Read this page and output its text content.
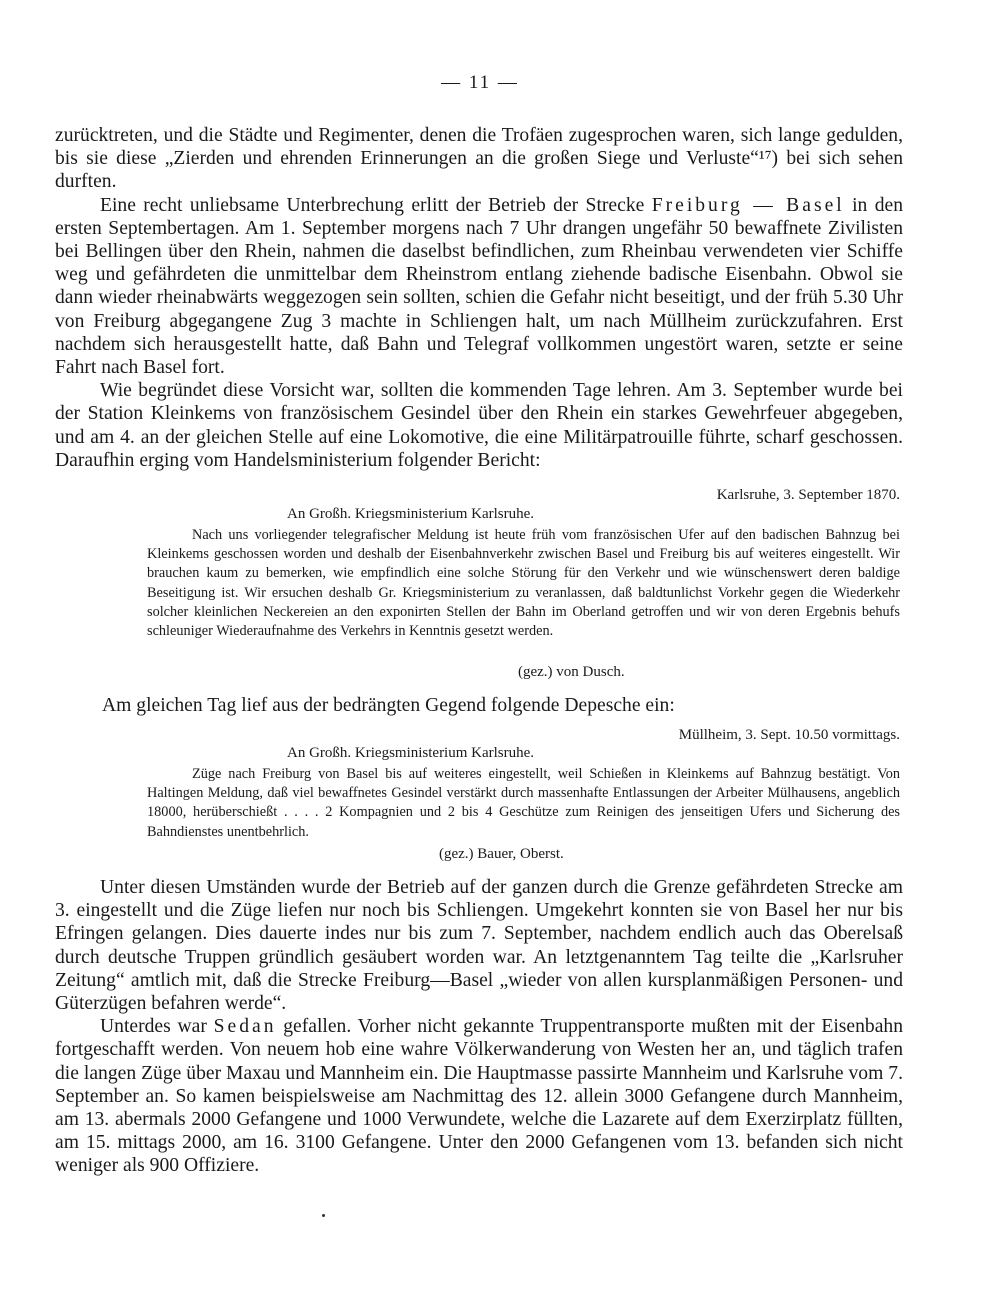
— 11 —

zurücktreten, und die Städte und Regimenter, denen die Trofäen zugesprochen waren, sich lange gedulden, bis sie diese „Zierden und ehrenden Erinnerungen an die großen Siege und Verluste“¹⁷) bei sich sehen durften.

Eine recht unliebsame Unterbrechung erlitt der Betrieb der Strecke Freiburg — Basel in den ersten Septembertagen. Am 1. September morgens nach 7 Uhr drangen ungefähr 50 bewaffnete Zivilisten bei Bellingen über den Rhein, nahmen die daselbst befindlichen, zum Rheinbau verwendeten vier Schiffe weg und gefährdeten die unmittelbar dem Rheinstrom entlang ziehende badische Eisenbahn. Obwol sie dann wieder rheinabwärts weggezogen sein sollten, schien die Gefahr nicht beseitigt, und der früh 5.30 Uhr von Freiburg abgegangene Zug 3 machte in Schliengen halt, um nach Müllheim zurückzufahren. Erst nachdem sich herausgestellt hatte, daß Bahn und Telegraf vollkommen ungestört waren, setzte er seine Fahrt nach Basel fort.

Wie begründet diese Vorsicht war, sollten die kommenden Tage lehren. Am 3. September wurde bei der Station Kleinkems von französischem Gesindel über den Rhein ein starkes Gewehrfeuer abgegeben, und am 4. an der gleichen Stelle auf eine Lokomotive, die eine Militärpatrouille führte, scharf geschossen. Daraufhin erging vom Handelsministerium folgender Bericht:

Karlsruhe, 3. September 1870.
An Großh. Kriegsministerium Karlsruhe.

Nach uns vorliegender telegrafischer Meldung ist heute früh vom französischen Ufer auf den badischen Bahnzug bei Kleinkems geschossen worden und deshalb der Eisenbahnverkehr zwischen Basel und Freiburg bis auf weiteres eingestellt. Wir brauchen kaum zu bemerken, wie empfindlich eine solche Störung für den Verkehr und wie wünschenswert deren baldige Beseitigung ist. Wir ersuchen deshalb Gr. Kriegsministerium zu veranlassen, daß baldtunlichst Vorkehr gegen die Wiederkehr solcher kleinlichen Neckereien an den exponirten Stellen der Bahn im Oberland getroffen und wir von deren Ergebnis behufs schleuniger Wiederaufnahme des Verkehrs in Kenntnis gesetzt werden.

(gez.) von Dusch.
Am gleichen Tag lief aus der bedrängten Gegend folgende Depesche ein:
Müllheim, 3. Sept. 10.50 vormittags.
An Großh. Kriegsministerium Karlsruhe.

Züge nach Freiburg von Basel bis auf weiteres eingestellt, weil Schießen in Kleinkems auf Bahnzug bestätigt. Von Haltingen Meldung, daß viel bewaffnetes Gesindel verstärkt durch massenhafte Entlassungen der Arbeiter Mülhausens, angeblich 18000, herüberschießt . . . . 2 Kompagnien und 2 bis 4 Geschütze zum Reinigen des jenseitigen Ufers und Sicherung des Bahndienstes unentbehrlich.

(gez.) Bauer, Oberst.

Unter diesen Umständen wurde der Betrieb auf der ganzen durch die Grenze gefährdeten Strecke am 3. eingestellt und die Züge liefen nur noch bis Schliengen. Umgekehrt konnten sie von Basel her nur bis Efringen gelangen. Dies dauerte indes nur bis zum 7. September, nachdem endlich auch das Oberelsaß durch deutsche Truppen gründlich gesäubert worden war. An letztgenanntem Tag teilte die „Karlsruher Zeitung“ amtlich mit, daß die Strecke Freiburg—Basel „wieder von allen kursplanmäßigen Personen- und Güterzügen befahren werde“.

Unterdes war Sedan gefallen. Vorher nicht gekannte Truppentransporte mußten mit der Eisenbahn fortgeschafft werden. Von neuem hob eine wahre Völkerwanderung von Westen her an, und täglich trafen die langen Züge über Maxau und Mannheim ein. Die Hauptmasse passirte Mannheim und Karlsruhe vom 7. September an. So kamen beispielsweise am Nachmittag des 12. allein 3000 Gefangene durch Mannheim, am 13. abermals 2000 Gefangene und 1000 Verwundete, welche die Lazarete auf dem Exerzirplatz füllten, am 15. mittags 2000, am 16. 3100 Gefangene. Unter den 2000 Gefangenen vom 13. befanden sich nicht weniger als 900 Offiziere.
